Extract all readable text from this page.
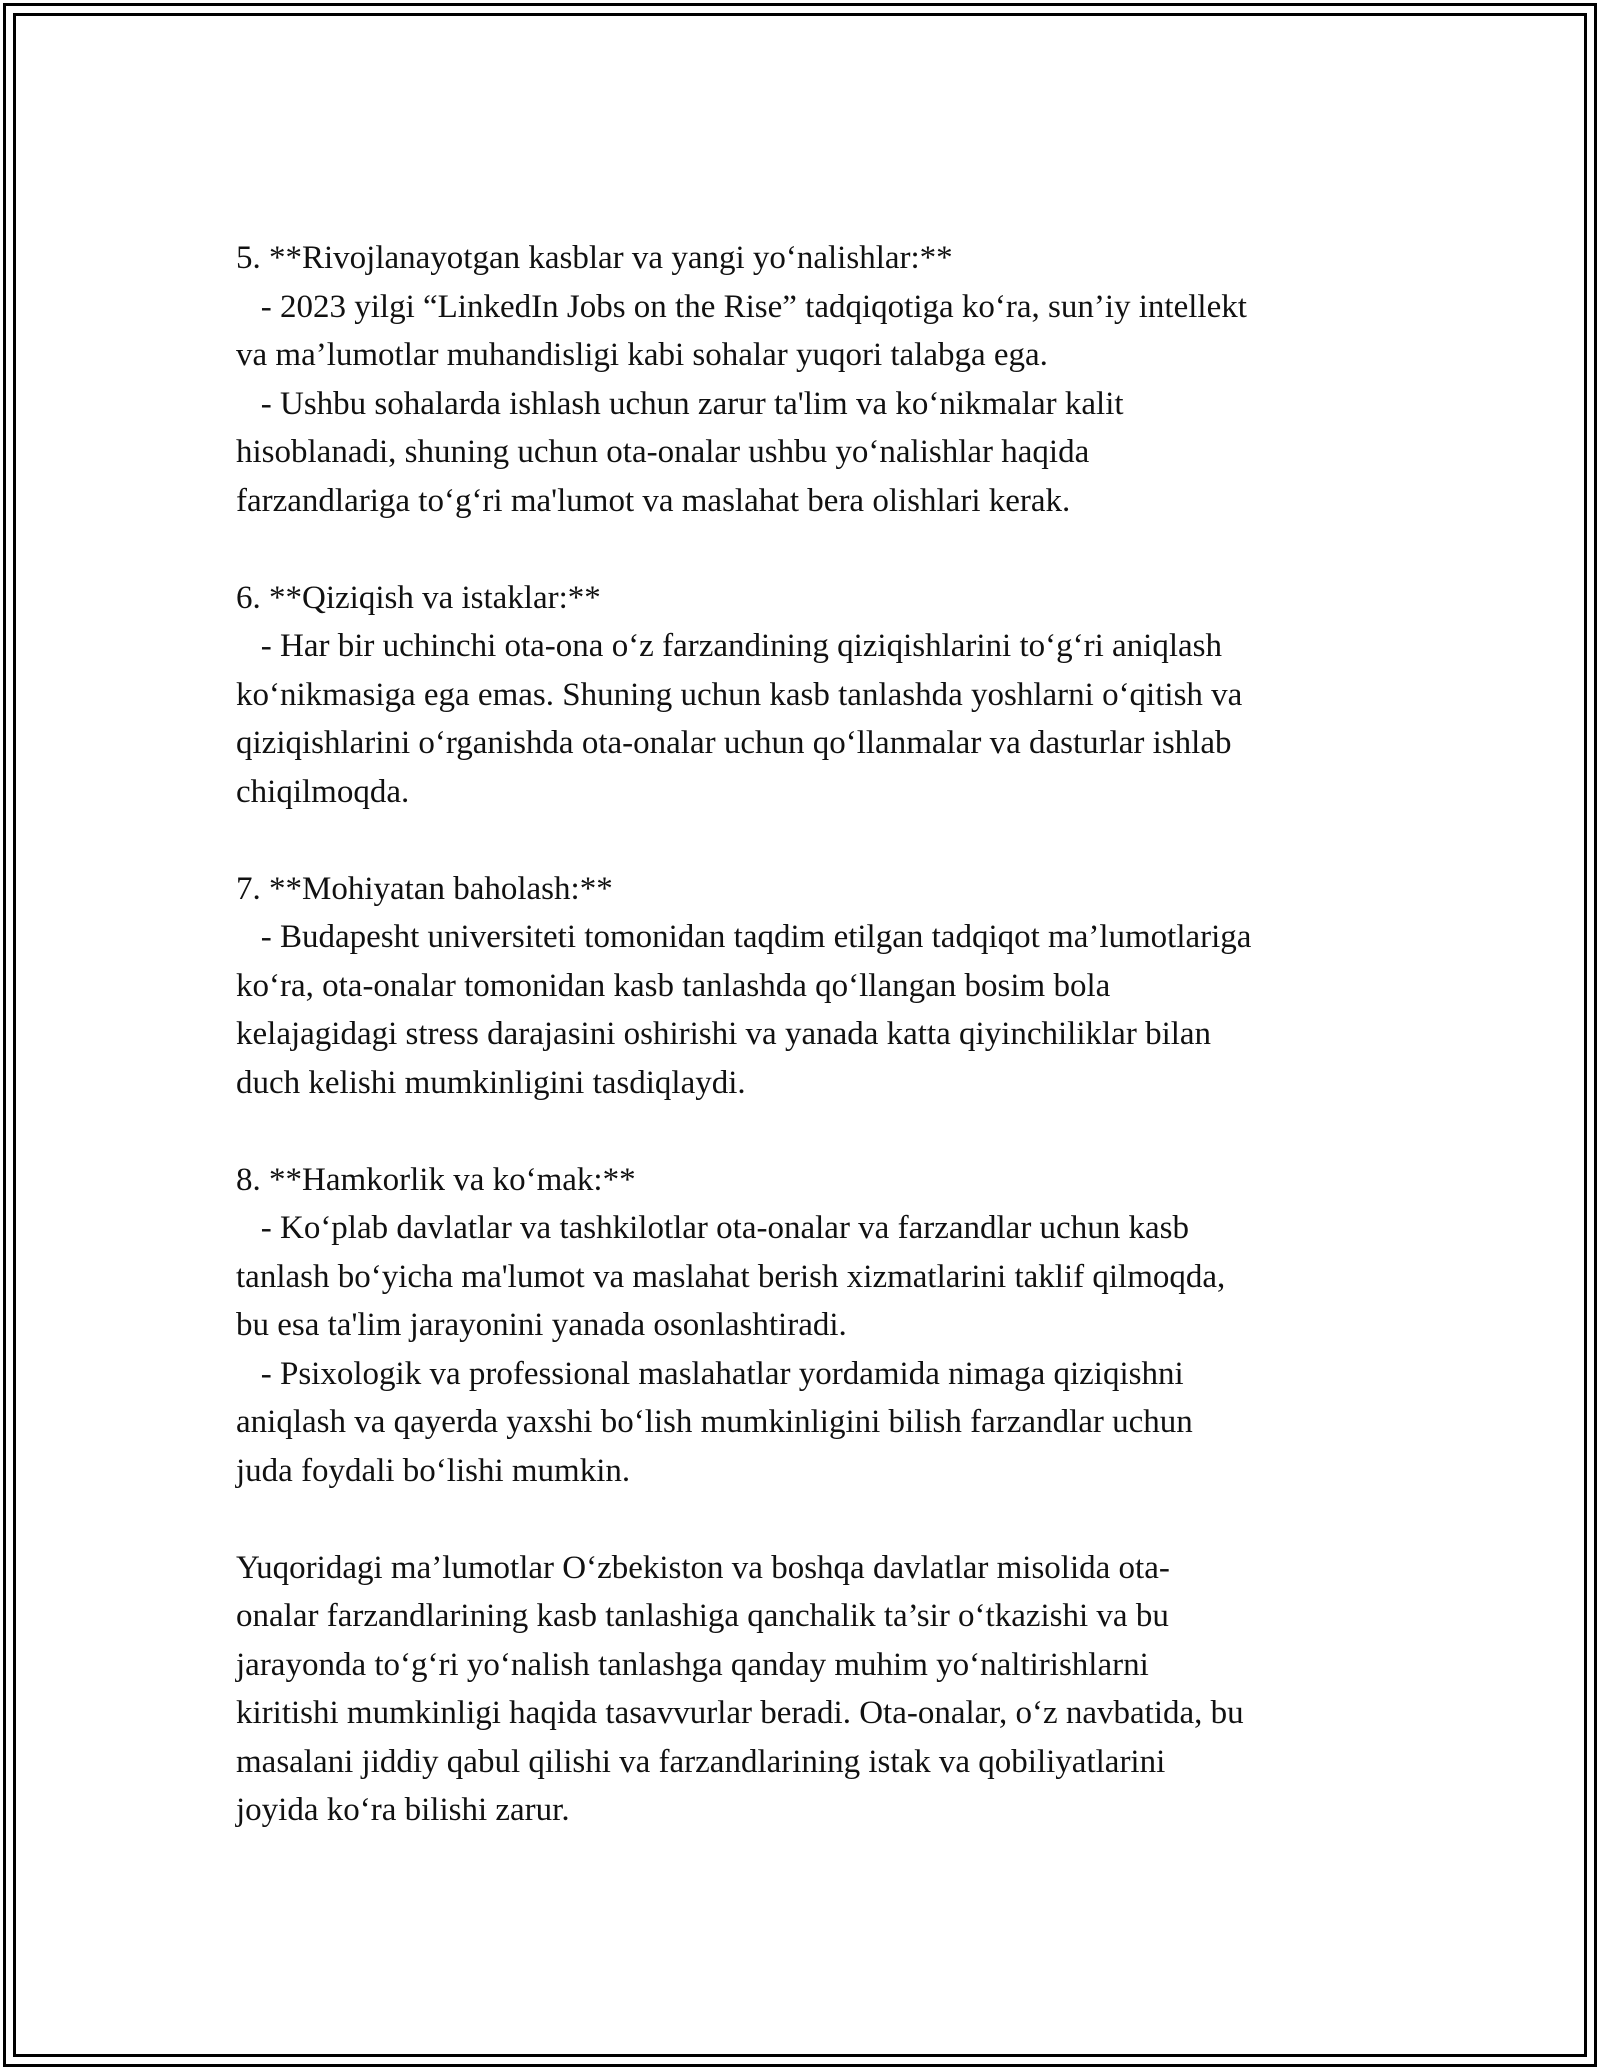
5. **Rivojlanayotgan kasblar va yangi yo‘nalishlar:**
- 2023 yilgi “LinkedIn Jobs on the Rise” tadqiqotiga ko‘ra, sun’iy intellekt
va ma’lumotlar muhandisligi kabi sohalar yuqori talabga ega.
- Ushbu sohalarda ishlash uchun zarur ta'lim va ko‘nikmalar kalit
hisoblanadi, shuning uchun ota-onalar ushbu yo‘nalishlar haqida
farzandlariga to‘g‘ri ma'lumot va maslahat bera olishlari kerak.
6. **Qiziqish va istaklar:**
- Har bir uchinchi ota-ona o‘z farzandining qiziqishlarini to‘g‘ri aniqlash
ko‘nikmasiga ega emas. Shuning uchun kasb tanlashda yoshlarni o‘qitish va
qiziqishlarini o‘rganishda ota-onalar uchun qo‘llanmalar va dasturlar ishlab
chiqilmoqda.
7. **Mohiyatan baholash:**
- Budapesht universiteti tomonidan taqdim etilgan tadqiqot ma’lumotlariga
ko‘ra, ota-onalar tomonidan kasb tanlashda qo‘llangan bosim bola
kelajagidagi stress darajasini oshirishi va yanada katta qiyinchiliklar bilan
duch kelishi mumkinligini tasdiqlaydi.
8. **Hamkorlik va ko‘mak:**
- Ko‘plab davlatlar va tashkilotlar ota-onalar va farzandlar uchun kasb
tanlash bo‘yicha ma'lumot va maslahat berish xizmatlarini taklif qilmoqda,
bu esa ta'lim jarayonini yanada osonlashtiradi.
- Psixologik va professional maslahatlar yordamida nimaga qiziqishni
aniqlash va qayerda yaxshi bo‘lish mumkinligini bilish farzandlar uchun
juda foydali bo‘lishi mumkin.
Yuqoridagi ma’lumotlar O‘zbekiston va boshqa davlatlar misolida ota-
onalar farzandlarining kasb tanlashiga qanchalik ta’sir o‘tkazishi va bu
jarayonda to‘g‘ri yo‘nalish tanlashga qanday muhim yo‘naltirishlarni
kiritishi mumkinligi haqida tasavvurlar beradi. Ota-onalar, o‘z navbatida, bu
masalani jiddiy qabul qilishi va farzandlarining istak va qobiliyatlarini
joyida ko‘ra bilishi zarur.
